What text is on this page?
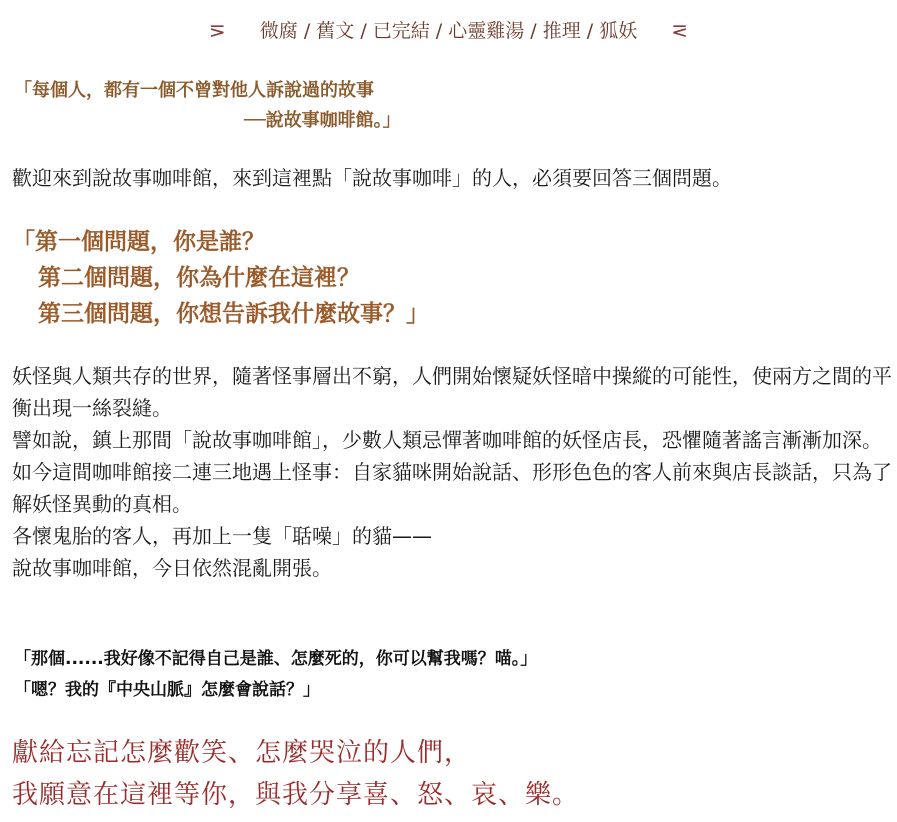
⋝ 微腐 / 舊文 / 已完結 / 心靈雞湯 / 推理 / 狐妖 ⋜
「每個人，都有一個不曾對他人訴說過的故事
──說故事咖啡館。」
歡迎來到說故事咖啡館，來到這裡點「說故事咖啡」的人，必須要回答三個問題。
「第一個問題，你是誰？
第二個問題，你為什麼在這裡？
第三個問題，你想告訴我什麼故事？」

妖怪與人類共存的世界，隨著怪事層出不窮，人們開始懷疑妖怪暗中操縱的可能性，使兩方之間的平衡出現一絲裂縫。

譬如說，鎮上那間「說故事咖啡館」，少數人類忌憚著咖啡館的妖怪店長，恐懼隨著謠言漸漸加深。

如今這間咖啡館接二連三地遇上怪事：自家貓咪開始說話、形形色色的客人前來與店長談話，只為了解妖怪異動的真相。

各懷鬼胎的客人，再加上一隻「聒噪」的貓——

說故事咖啡館，今日依然混亂開張。

「那個......我好像不記得自己是誰、怎麼死的，你可以幫我嗎？喵。」

「嗯？我的『中央山脈』怎麼會說話？」

獻給忘記怎麼歡笑、怎麼哭泣的人們，

我願意在這裡等你，與我分享喜、怒、哀、樂。
